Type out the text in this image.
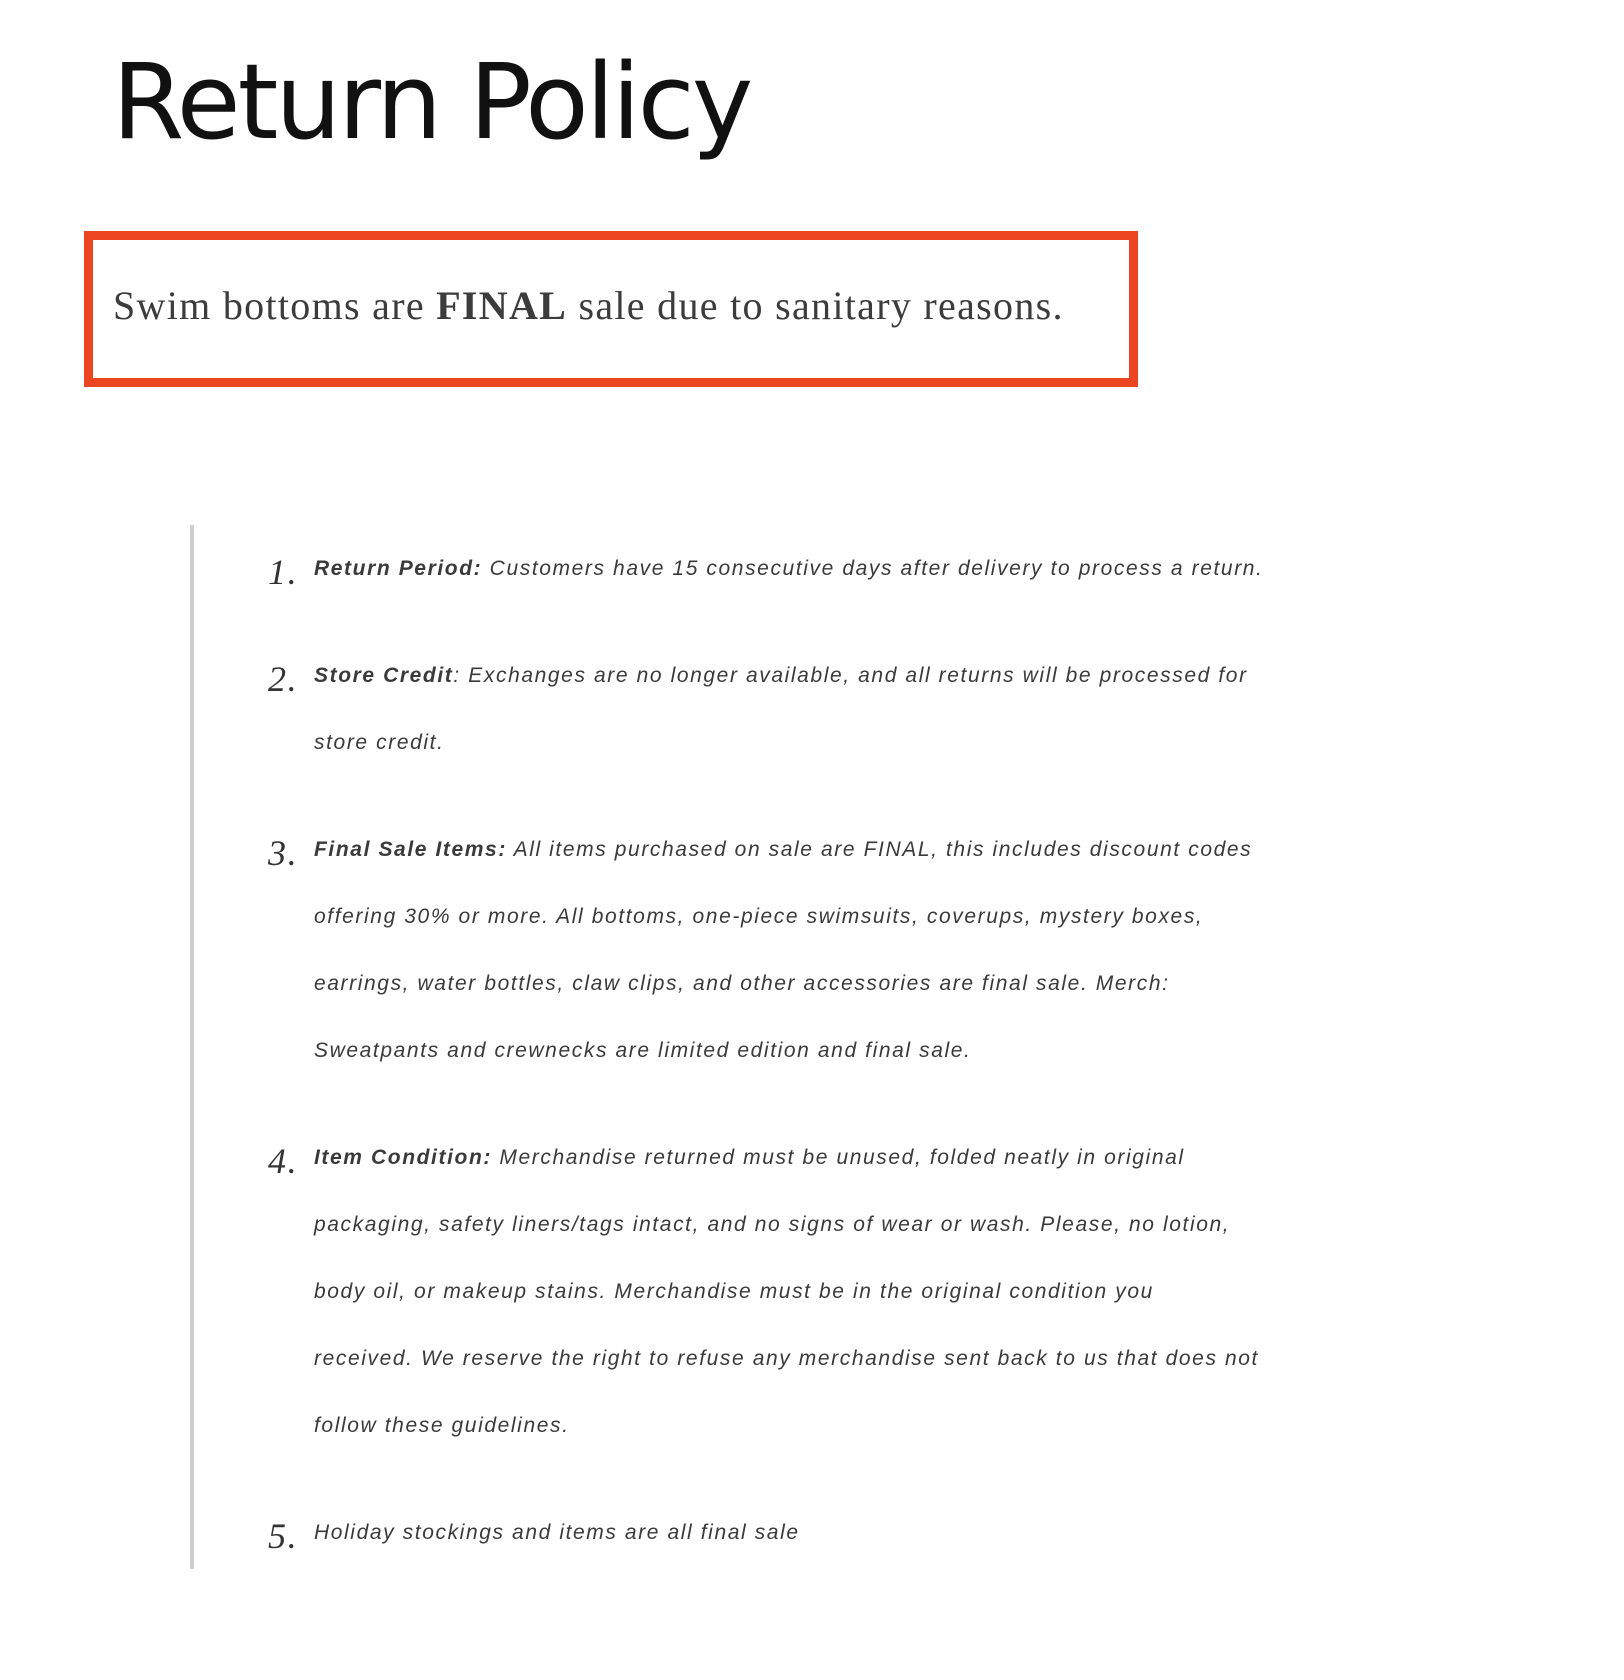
Return Policy

Swim bottoms are FINAL sale due to sanitary reasons.

1. Return Period: Customers have 15 consecutive days after delivery to process a return.
2. Store Credit: Exchanges are no longer available, and all returns will be processed for
store credit.
3. Final Sale Items: All items purchased on sale are FINAL, this includes discount codes
offering 30% or more. All bottoms, one-piece swimsuits, coverups, mystery boxes,
earrings, water bottles, claw clips, and other accessories are final sale. Merch:
Sweatpants and crewnecks are limited edition and final sale.
4. Item Condition: Merchandise returned must be unused, folded neatly in original
packaging, safety liners/tags intact, and no signs of wear or wash. Please, no lotion,
body oil, or makeup stains. Merchandise must be in the original condition you
received. We reserve the right to refuse any merchandise sent back to us that does not
follow these guidelines.
5. Holiday stockings and items are all final sale
